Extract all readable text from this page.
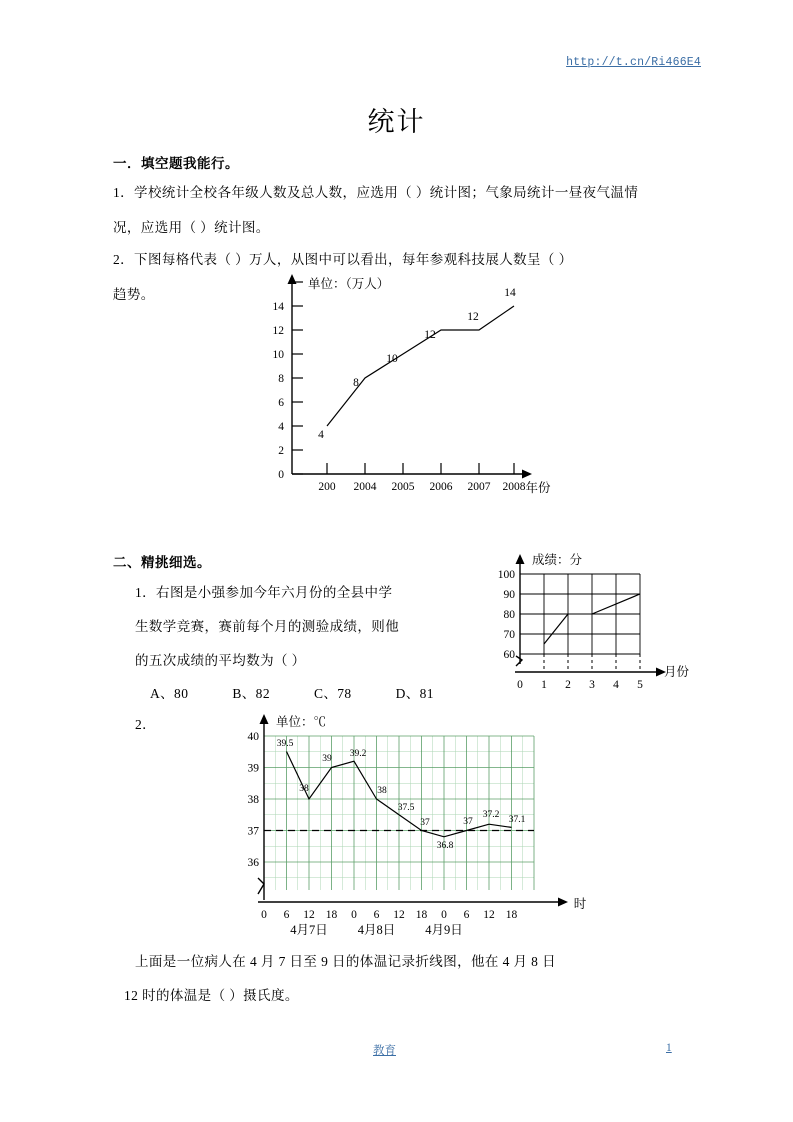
http://t.cn/Ri466E4
统计
一．填空题我能行。
1．学校统计全校各年级人数及总人数，应选用（ ）统计图；气象局统计一昼夜气温情
况，应选用（ ）统计图。
2．下图每格代表（ ）万人，从图中可以看出，每年参观科技展人数呈（ ）
趋势。
0
2
4
6
8
10
12
14
200 2004 2005 2006 2007 2008
单位：（万人）
年份
4
8
10
12
12
14
二、精挑细选。
1．右图是小强参加今年六月份的全县中学
生数学竞赛，赛前每个月的测验成绩，则他
的五次成绩的平均数为（ ）
A、80	B、82	C、78	D、81
2．
上面是一位病人在 4 月 7 日至 9 日的体温记录折线图，他在 4 月 8 日
12 时的体温是（ ）摄氏度。
100
90
80
70
60
0 1 2 3 4 5
成绩：分
月份
40
39
38
37
36
0 6 12 18 0 6 12 18 0 6 12 18
4月7日 4月8日 4月9日
单位：℃
时
39.5
38
39 39.2
38
37.5
37
36.8
37
37.2 37.1
教育	1
